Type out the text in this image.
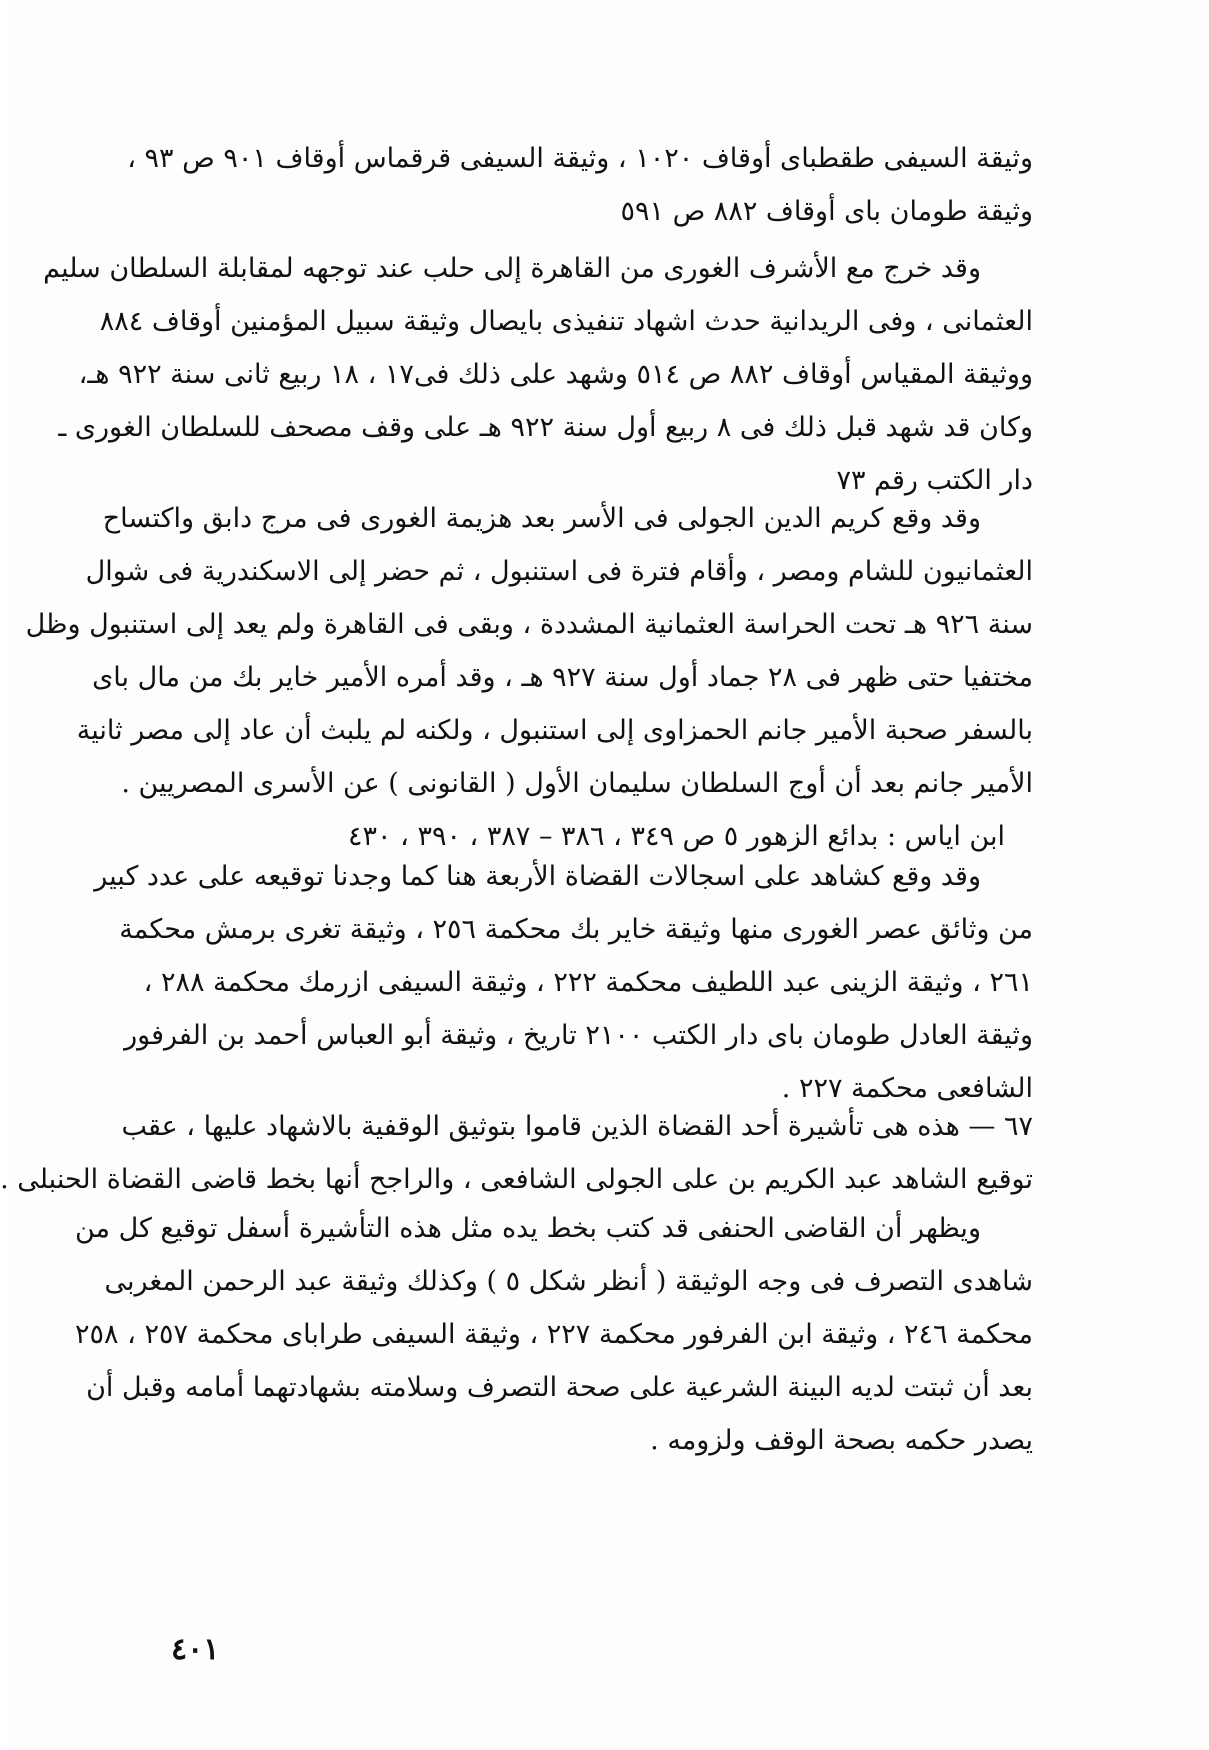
وثيقة السيفى طقطباى أوقاف ١٠٢٠ ، وثيقة السيفى قرقماس أوقاف ٩٠١ ص ٩٣ ،
وثيقة طومان باى أوقاف ٨٨٢ ص ٥٩١
وقد خرج مع الأشرف الغورى من القاهرة إلى حلب عند توجهه لمقابلة السلطان سليم
العثمانى ، وفى الريدانية حدث اشهاد تنفيذى بايصال وثيقة سبيل المؤمنين أوقاف ٨٨٤
ووثيقة المقياس أوقاف ٨٨٢ ص ٥١٤ وشهد على ذلك فى١٧ ، ١٨ ربيع ثانى سنة ٩٢٢ هـ،
وكان قد شهد قبل ذلك فى ٨ ربيع أول سنة ٩٢٢ هـ على وقف مصحف للسلطان الغورى ـ
دار الكتب رقم ٧٣
وقد وقع كريم الدين الجولى فى الأسر بعد هزيمة الغورى فى مرج دابق واكتساح
العثمانيون للشام ومصر ، وأقام فترة فى استنبول ، ثم حضر إلى الاسكندرية فى شوال
سنة ٩٢٦ هـ تحت الحراسة العثمانية المشددة ، وبقى فى القاهرة ولم يعد إلى استنبول وظل
مختفيا حتى ظهر فى ٢٨ جماد أول سنة ٩٢٧ هـ ، وقد أمره الأمير خاير بك من مال باى
بالسفر صحبة الأمير جانم الحمزاوى إلى استنبول ، ولكنه لم يلبث أن عاد إلى مصر ثانية
الأمير جانم بعد أن أوج السلطان سليمان الأول ( القانونى ) عن الأسرى المصريين .
ابن اياس : بدائع الزهور ٥ ص ٣٤٩ ، ٣٨٦ – ٣٨٧ ، ٣٩٠ ، ٤٣٠
وقد وقع كشاهد على اسجالات القضاة الأربعة هنا كما وجدنا توقيعه على عدد كبير
من وثائق عصر الغورى منها وثيقة خاير بك محكمة ٢٥٦ ، وثيقة تغرى برمش محكمة
٢٦١ ، وثيقة الزينى عبد اللطيف محكمة ٢٢٢ ، وثيقة السيفى ازرمك محكمة ٢٨٨ ،
وثيقة العادل طومان باى دار الكتب ٢١٠٠ تاريخ ، وثيقة أبو العباس أحمد بن الفرفور
الشافعى محكمة ٢٢٧ .
٦٧ — هذه هى تأشيرة أحد القضاة الذين قاموا بتوثيق الوقفية بالاشهاد عليها ، عقب
توقيع الشاهد عبد الكريم بن على الجولى الشافعى ، والراجح أنها بخط قاضى القضاة الحنبلى .
ويظهر أن القاضى الحنفى قد كتب بخط يده مثل هذه التأشيرة أسفل توقيع كل من
شاهدى التصرف فى وجه الوثيقة ( أنظر شكل ٥ ) وكذلك وثيقة عبد الرحمن المغربى
محكمة ٢٤٦ ، وثيقة ابن الفرفور محكمة ٢٢٧ ، وثيقة السيفى طراباى محكمة ٢٥٧ ، ٢٥٨
بعد أن ثبتت لديه البينة الشرعية على صحة التصرف وسلامته بشهادتهما أمامه وقبل أن
يصدر حكمه بصحة الوقف ولزومه .
٤٠١
